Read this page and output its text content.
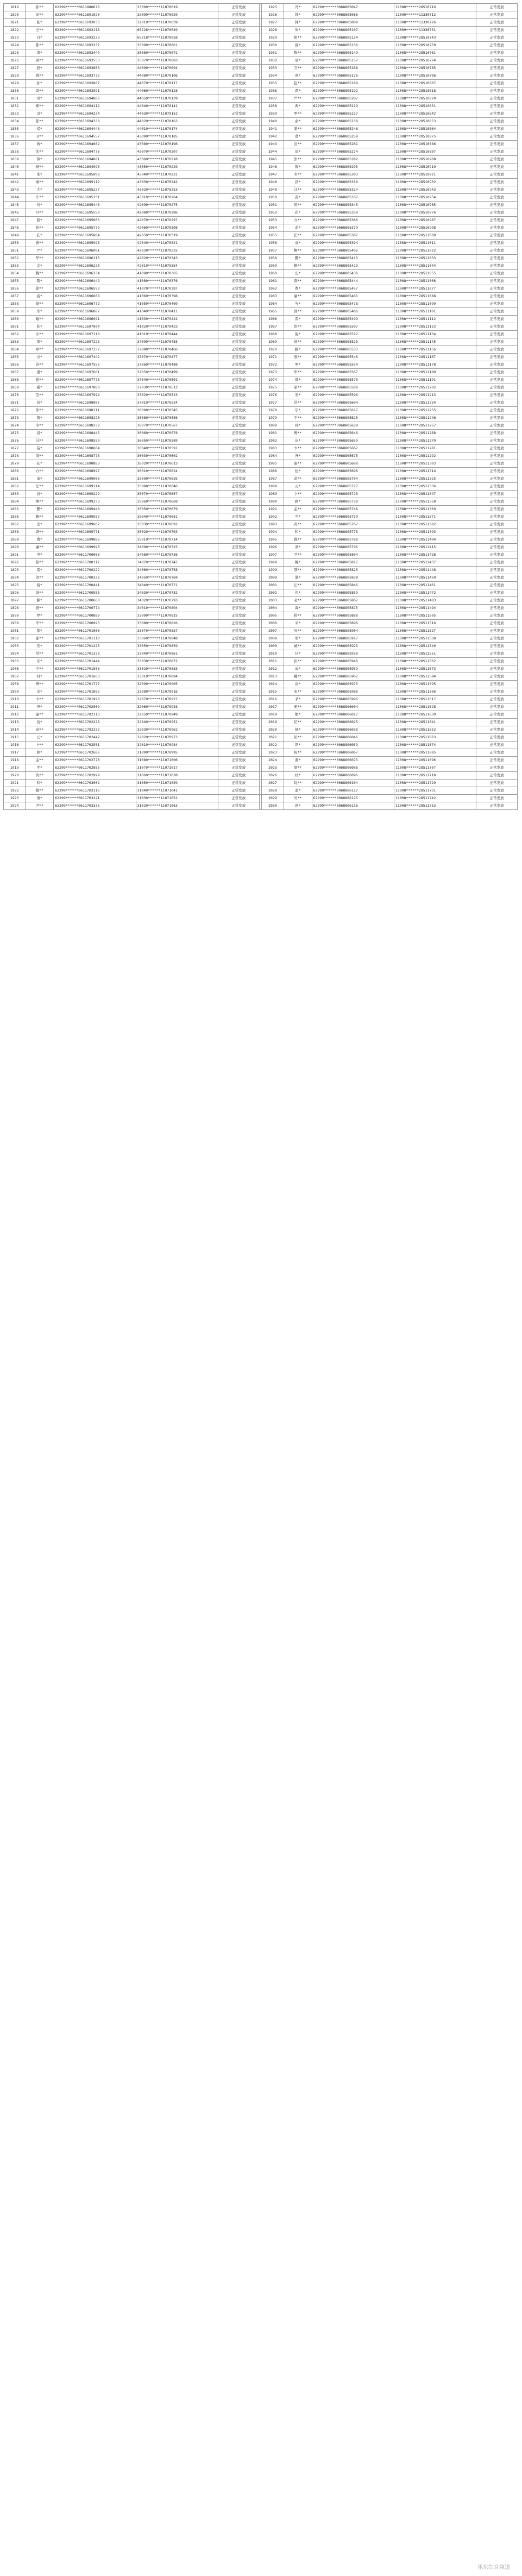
1819	孙**	62299******0611880676	33090******11070019	正常发放		1925	冯*	62299******0068805047	11080******28510716	正常发放
1820	刘**	62299******0611691020	32090******11070029	正常发放		1926	韩*	62299******0068805066	11090******11330712	正常发放
1821	张*	62299******0611693033	32010******11070039	正常发放		1927	韩*	62299******0068805089	11008******11330726	正常发放
1822	王**	62299******0611693118	65228******11070049	正常发放		1928	朱*	62299******0068805107	11009******11330731	正常发放
1823	吕*	62299******0611693223	65218******11070058	正常发放		1929	郑**	62299******0068805124	11008******28510743	正常发放
1824	陈**	62299******0611693337	35090******11070061	正常发放		1930	薛*	62299******0068805136	11008******28510759	正常发放
1825	李*	62299******0611693449	35080******11070072	正常发放		1931	鲁**	62299******0068805149	11008******28510761	正常发放
1826	周**	62299******0611693553	35070******11070083	正常发放		1932	邢*	62299******0068805157	11008******28510774	正常发放
1827	赵*	62299******0611693668	44090******11070094	正常发放		1933	卫**	62299******0068805168	11008******28510785	正常发放
1828	钱**	62299******0611693772	44080******11070106	正常发放		1934	章*	62299******0068805176	11008******28510796	正常发放
1829	孙*	62299******0611693887	44070******11070117	正常发放		1935	包**	62299******0068805189	11008******28510807	正常发放
1830	周**	62299******0611693991	44060******11070128	正常发放		1936	谭*	62299******0068805192	11008******28510818	正常发放
1831	吴*	62299******0611694006	44050******11070139	正常发放		1937	严**	62299******0068805207	11008******28510829	正常发放
1832	郑**	62299******0611694119	44040******11070141	正常发放		1938	曹*	62299******0068805219	11008******28510831	正常发放
1833	冯*	62299******0611694224	44030******11070152	正常发放		1939	罗**	62299******0068805227	11008******28510842	正常发放
1834	陈**	62299******0611694338	44020******11070163	正常发放		1940	俞*	62299******0068805238	11008******28510853	正常发放
1835	褚*	62299******0611694443	44010******11070174	正常发放		1941	潘**	62299******0068805246	11008******28510864	正常发放
1836	卫**	62299******0611694557	43090******11070185	正常发放		1942	葛*	62299******0068805259	11008******28510875	正常发放
1837	蒋*	62299******0611694662	43080******11070196	正常发放		1943	范**	62299******0068805261	11008******28510886	正常发放
1838	沈**	62299******0611694776	43070******11070207	正常发放		1944	彭*	62299******0068805274	11008******28510897	正常发放
1839	韩*	62299******0611694881	43060******11070218	正常发放		1945	郎**	62299******0068805282	11008******28510908	正常发放
1840	杨**	62299******0611694995	43050******11070229	正常发放		1946	鲁*	62299******0068805295	11008******28510919	正常发放
1841	朱*	62299******0611695008	43040******11070231	正常发放		1947	韦**	62299******0068805303	11008******28510921	正常发放
1842	秦**	62299******0611695112	43030******11070242	正常发放		1948	昌*	62299******0068805316	11008******28510932	正常发放
1843	尤*	62299******0611695227	43020******11070253	正常发放		1949	马**	62299******0068805324	11008******28510943	正常发放
1844	许**	62299******0611695331	43010******11070264	正常发放		1950	苗*	62299******0068805337	11008******28510954	正常发放
1845	何*	62299******0611695446	42090******11070275	正常发放		1951	凤**	62299******0068805345	11008******28510965	正常发放
1846	吕**	62299******0611695550	42080******11070286	正常发放		1952	花*	62299******0068805358	11008******28510976	正常发放
1847	施*	62299******0611695665	42070******11070297	正常发放		1953	方**	62299******0068805366	11008******28510987	正常发放
1848	张**	62299******0611695779	42060******11070308	正常发放		1954	俞*	62299******0068805379	11008******28510998	正常发放
1849	孔*	62299******0611695884	42050******11070319	正常发放		1955	任**	62299******0068805387	11008******28511009	正常发放
1850	曹**	62299******0611695998	42040******11070321	正常发放		1956	袁*	62299******0068805394	11008******28511011	正常发放
1851	严*	62299******0611696001	42030******11070332	正常发放		1957	柳**	62299******0068805402	11008******28511022	正常发放
1852	华**	62299******0611696115	42020******11070343	正常发放		1958	酆*	62299******0068805415	11008******28511033	正常发放
1853	金*	62299******0611696220	42010******11070354	正常发放		1959	鲍**	62299******0068805423	11008******28511044	正常发放
1854	魏**	62299******0611696334	41090******11070365	正常发放		1960	史*	62299******0068805436	11008******28511055	正常发放
1855	陶*	62299******0611696449	41080******11070376	正常发放		1961	唐**	62299******0068805444	11008******28511066	正常发放
1856	姜**	62299******0611696553	41070******11070387	正常发放		1962	费*	62299******0068805457	11008******28511077	正常发放
1857	戚*	62299******0611696668	41060******11070398	正常发放		1963	廉**	62299******0068805465	11008******28511088	正常发放
1858	谢**	62299******0611696772	41050******11070409	正常发放		1964	岑*	62299******0068805478	11008******28511099	正常发放
1859	邹*	62299******0611696887	41040******11070411	正常发放		1965	薛**	62299******0068805486	11008******28511101	正常发放
1860	喻**	62299******0611696991	41030******11070422	正常发放		1966	雷*	62299******0068805499	11008******28511112	正常发放
1861	柏*	62299******0611697004	41020******11070433	正常发放		1967	贺**	62299******0068805507	11008******28511123	正常发放
1862	水**	62299******0611697118	41010******11070444	正常发放		1968	倪*	62299******0068805512	11008******28511134	正常发放
1863	窦*	62299******0611697223	37090******11070455	正常发放		1969	汤**	62299******0068805525	11008******28511145	正常发放
1864	章**	62299******0611697337	37080******11070466	正常发放		1970	滕*	62299******0068805533	11008******28511156	正常发放
1865	云*	62299******0611697442	37070******11070477	正常发放		1971	殷**	62299******0068805546	11008******28511167	正常发放
1866	苏**	62299******0611697556	37060******11070488	正常发放		1972	罗*	62299******0068805554	11008******28511178	正常发放
1867	潘*	62299******0611697661	37050******11070499	正常发放		1973	毕**	62299******0068805567	11008******28511189	正常发放
1868	葛**	62299******0611697775	37040******11070501	正常发放		1974	郝*	62299******0068805575	11008******28511191	正常发放
1869	奚*	62299******0611697880	37030******11070512	正常发放		1975	邬**	62299******0068805588	11008******28511202	正常发放
1870	范**	62299******0611697994	37020******11070523	正常发放		1976	安*	62299******0068805596	11008******28511213	正常发放
1871	彭*	62299******0611698007	37010******11070534	正常发放		1977	常**	62299******0068805604	11008******28511224	正常发放
1872	郎**	62299******0611698111	36090******11070545	正常发放		1978	乐*	62299******0068805617	11008******28511235	正常发放
1873	鲁*	62299******0611698226	36080******11070556	正常发放		1979	于**	62299******0068805625	11008******28511246	正常发放
1874	韦**	62299******0611698330	36070******11070567	正常发放		1980	时*	62299******0068805638	11008******28511257	正常发放
1875	昌*	62299******0611698445	36060******11070578	正常发放		1981	傅**	62299******0068805646	11008******28511268	正常发放
1876	马**	62299******0611698559	36050******11070589	正常发放		1982	皮*	62299******0068805659	11008******28511279	正常发放
1877	苗*	62299******0611698664	36040******11070591	正常发放		1983	卞**	62299******0068805667	11008******28511281	正常发放
1878	凤**	62299******0611698778	36030******11070602	正常发放		1984	齐*	62299******0068805675	11008******28511292	正常发放
1879	花*	62299******0611698883	36020******11070613	正常发放		1985	康**	62299******0068805688	11008******28511303	正常发放
1880	方**	62299******0611698997	36010******11070624	正常发放		1986	伍*	62299******0068805696	11008******28511314	正常发放
1881	俞*	62299******0611699000	35090******11070635	正常发放		1987	余**	62299******0068805704	11008******28511325	正常发放
1882	任**	62299******0611699114	35080******11070646	正常发放		1988	元*	62299******0068805717	11008******28511336	正常发放
1883	袁*	62299******0611699229	35070******11070657	正常发放		1989	卜**	62299******0068805725	11008******28511347	正常发放
1884	柳**	62299******0611699333	35060******11070668	正常发放		1990	顾*	62299******0068805738	11008******28511358	正常发放
1885	酆*	62299******0611699448	35050******11070679	正常发放		1991	孟**	62299******0068805746	11008******28511369	正常发放
1886	鲍**	62299******0611699552	35040******11070681	正常发放		1992	平*	62299******0068805759	11008******28511371	正常发放
1887	史*	62299******0611699667	35030******11070692	正常发放		1993	黄**	62299******0068805767	11008******28511382	正常发放
1888	唐**	62299******0611699771	35020******11070703	正常发放		1994	和*	62299******0068805775	11008******28511393	正常发放
1889	费*	62299******0611699886	35010******11070714	正常发放		1995	穆**	62299******0068805788	11008******28511404	正常发放
1890	廉**	62299******0611699990	34090******11070725	正常发放		1996	萧*	62299******0068805796	11008******28511415	正常发放
1891	岑*	62299******0611700003	34080******11070736	正常发放		1997	尹**	62299******0068805804	11008******28511426	正常发放
1892	薛**	62299******0611700117	34070******11070747	正常发放		1998	姚*	62299******0068805817	11008******28511437	正常发放
1893	雷*	62299******0611700222	34060******11070758	正常发放		1999	邵**	62299******0068805825	11008******28511448	正常发放
1894	贺**	62299******0611700336	34050******11070769	正常发放		2000	湛*	62299******0068805838	11008******28511459	正常发放
1895	倪*	62299******0611700441	34040******11070771	正常发放		2001	汪**	62299******0068805846	11008******28511461	正常发放
1896	汤**	62299******0611700555	34030******11070782	正常发放		2002	祁*	62299******0068805859	11008******28511472	正常发放
1897	滕*	62299******0611700660	34020******11070793	正常发放		2003	毛**	62299******0068805867	11008******28511483	正常发放
1898	殷**	62299******0611700774	34010******11070804	正常发放		2004	禹*	62299******0068805875	11008******28511494	正常发放
1899	罗*	62299******0611700889	33090******11070815	正常发放		2005	狄**	62299******0068805888	11008******28511505	正常发放
1900	毕**	62299******0611700993	33080******11070826	正常发放		2006	米*	62299******0068805896	11008******28511516	正常发放
1901	郝*	62299******0611701006	33070******11070837	正常发放		2007	贝**	62299******0068805904	11008******28511527	正常发放
1902	邬**	62299******0611701110	33060******11070848	正常发放		2008	明*	62299******0068805917	11008******28511538	正常发放
1903	安*	62299******0611701225	33050******11070859	正常发放		2009	臧**	62299******0068805925	11008******28511549	正常发放
1904	常**	62299******0611701339	33040******11070861	正常发放		2010	计*	62299******0068805938	11008******28511551	正常发放
1905	乐*	62299******0611701444	33030******11070872	正常发放		2011	伏**	62299******0068805946	11008******28511562	正常发放
1906	于**	62299******0611701558	33020******11070883	正常发放		2012	成*	62299******0068805959	11008******28511573	正常发放
1907	时*	62299******0611701663	33010******11070894	正常发放		2013	戴**	62299******0068805967	11008******28511584	正常发放
1908	傅**	62299******0611701777	32090******11070905	正常发放		2014	谈*	62299******0068805975	11008******28511595	正常发放
1909	皮*	62299******0611701882	32080******11070916	正常发放		2015	宋**	62299******0068805988	11008******28511606	正常发放
1910	卞**	62299******0611701996	32070******11070927	正常发放		2016	茅*	62299******0068805996	11008******28511617	正常发放
1911	齐*	62299******0611702009	32060******11070938	正常发放		2017	庞**	62299******0068806004	11008******28511628	正常发放
1912	康**	62299******0611702113	32050******11070949	正常发放		2018	熊*	62299******0068806017	11008******28511639	正常发放
1913	伍*	62299******0611702228	32040******11070951	正常发放		2019	纪**	62299******0068806025	11008******28511641	正常发放
1914	余**	62299******0611702332	32030******11070962	正常发放		2020	舒*	62299******0068806038	11008******28511652	正常发放
1915	元*	62299******0611702447	32020******11070973	正常发放		2021	屈**	62299******0068806046	11008******28511663	正常发放
1916	卜**	62299******0611702551	32010******11070984	正常发放		2022	项*	62299******0068806059	11008******28511674	正常发放
1917	顾*	62299******0611702666	31090******11070995	正常发放		2023	祝**	62299******0068806067	11008******28511685	正常发放
1918	孟**	62299******0611702770	31080******11071006	正常发放		2024	董*	62299******0068806075	11008******28511696	正常发放
1919	平*	62299******0611702885	31070******11071017	正常发放		2025	梁**	62299******0068806088	11008******28511707	正常发放
1920	黄**	62299******0611702999	31060******11071028	正常发放		2026	杜*	62299******0068806096	11008******28511718	正常发放
1921	和*	62299******0611703002	31050******11071039	正常发放		2027	阮**	62299******0068806104	11008******28511729	正常发放
1922	穆**	62299******0611703116	31040******11071041	正常发放		2028	蓝*	62299******0068806117	11008******28511731	正常发放
1923	萧*	62299******0611703221	31030******11071052	正常发放		2029	闵**	62299******0068806125	11008******28511742	正常发放
1924	尹**	62299******0611703335	31020******11071063	正常发放		2030	席*	62299******0068806138	11008******28511753	正常发放
乐东综合频道
